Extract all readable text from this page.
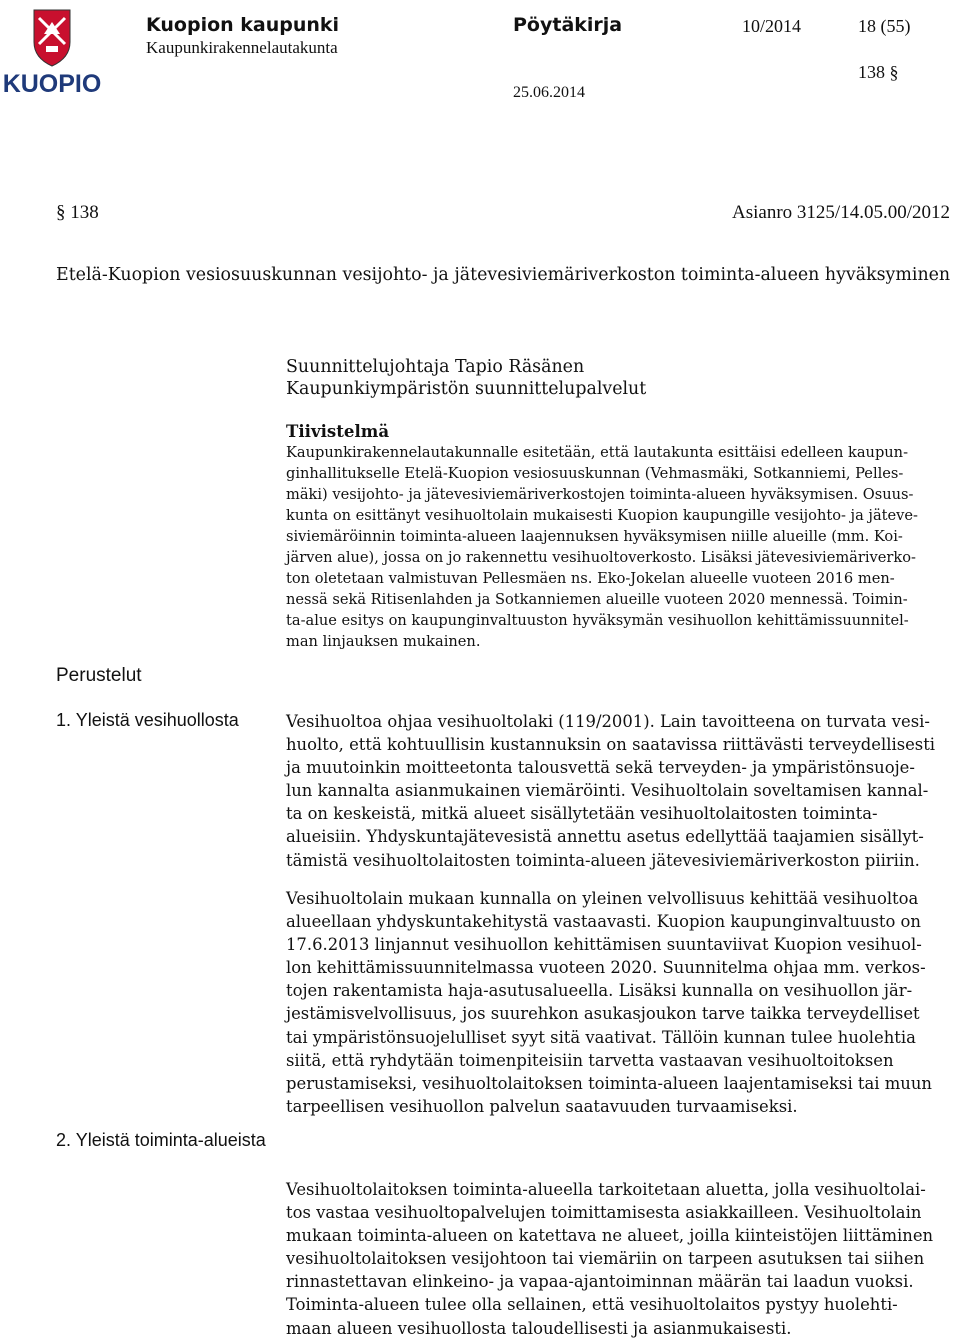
KUOPIO
Kuopion kaupunki
Kaupunkirakennelautakunta
Pöytäkirja	10/2014	18 (55)
138 §
25.06.2014
§ 138	Asianro 3125/14.05.00/2012
Etelä-Kuopion vesiosuuskunnan vesijohto- ja jätevesiviemäriverkoston toiminta-alueen hyväksyminen
Suunnittelujohtaja Tapio Räsänen
Kaupunkiympäristön suunnittelupalvelut
Tiivistelmä
Kaupunkirakennelautakunnalle esitetään, että lautakunta esittäisi edelleen kaupun-
ginhallitukselle Etelä-Kuopion vesiosuuskunnan (Vehmasmäki, Sotkanniemi, Pelles-
mäki) vesijohto- ja jätevesiviemäriverkostojen toiminta-alueen hyväksymisen. Osuus-
kunta on esittänyt vesihuoltolain mukaisesti Kuopion kaupungille vesijohto- ja jäteve-
siviemäröinnin toiminta-alueen laajennuksen hyväksymisen niille alueille (mm. Koi-
järven alue), jossa on jo rakennettu vesihuoltoverkosto. Lisäksi jätevesiviemäriverko-
ton oletetaan valmistuvan Pellesmäen ns. Eko-Jokelan alueelle vuoteen 2016 men-
nessä sekä Ritisenlahden ja Sotkanniemen alueille vuoteen 2020 mennessä. Toimin-
ta-alue esitys on kaupunginvaltuuston hyväksymän vesihuollon kehittämissuunnitel-
man linjauksen mukainen.
Perustelut
1. Yleistä vesihuollosta
2. Yleistä toiminta-alueista
Vesihuoltoa ohjaa vesihuoltolaki (119/2001). Lain tavoitteena on turvata vesi-
huolto, että kohtuullisin kustannuksin on saatavissa riittävästi terveydellisesti
ja muutoinkin moitteetonta talousvettä sekä terveyden- ja ympäristönsuoje-
lun kannalta asianmukainen viemäröinti. Vesihuoltolain soveltamisen kannal-
ta on keskeistä, mitkä alueet sisällytetään vesihuoltolaitosten toiminta-
alueisiin. Yhdyskuntajätevesistä annettu asetus edellyttää taajamien sisällyt-
tämistä vesihuoltolaitosten toiminta-alueen jätevesiviemäriverkoston piiriin.
Vesihuoltolain mukaan kunnalla on yleinen velvollisuus kehittää vesihuoltoa
alueellaan yhdyskuntakehitystä vastaavasti. Kuopion kaupunginvaltuusto on
17.6.2013 linjannut vesihuollon kehittämisen suuntaviivat Kuopion vesihuol-
lon kehittämissuunnitelmassa vuoteen 2020. Suunnitelma ohjaa mm. verkos-
tojen rakentamista haja-asutusalueella. Lisäksi kunnalla on vesihuollon jär-
jestämisvelvollisuus, jos suurehkon asukasjoukon tarve taikka terveydelliset
tai ympäristönsuojelulliset syyt sitä vaativat. Tällöin kunnan tulee huolehtia
siitä, että ryhdytään toimenpiteisiin tarvetta vastaavan vesihuoltoitoksen
perustamiseksi, vesihuoltolaitoksen toiminta-alueen laajentamiseksi tai muun
tarpeellisen vesihuollon palvelun saatavuuden turvaamiseksi.
Vesihuoltolaitoksen toiminta-alueella tarkoitetaan aluetta, jolla vesihuoltolai-
tos vastaa vesihuoltopalvelujen toimittamisesta asiakkailleen. Vesihuoltolain
mukaan toiminta-alueen on katettava ne alueet, joilla kiinteistöjen liittäminen
vesihuoltolaitoksen vesijohtoon tai viemäriin on tarpeen asutuksen tai siihen
rinnastettavan elinkeino- ja vapaa-ajantoiminnan määrän tai laadun vuoksi.
Toiminta-alueen tulee olla sellainen, että vesihuoltolaitos pystyy huolehti-
maan alueen vesihuollosta taloudellisesti ja asianmukaisesti.
